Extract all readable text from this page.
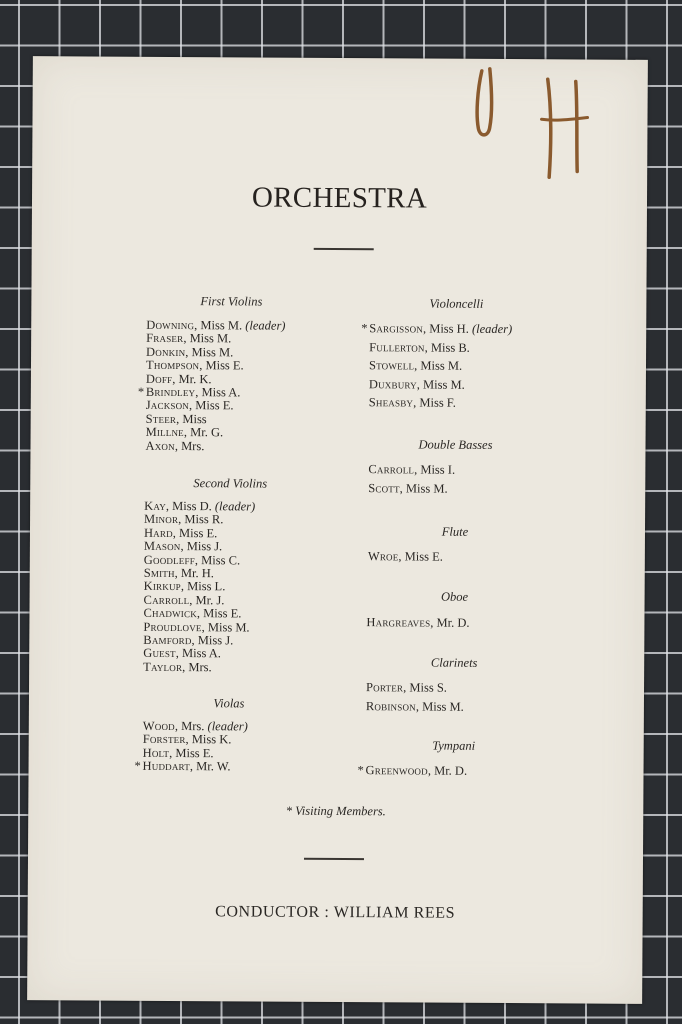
ORCHESTRA
First Violins
Downing, Miss M. (leader)
Fraser, Miss M.
Donkin, Miss M.
Thompson, Miss E.
Doff, Mr. K.
* Brindley, Miss A.
Jackson, Miss E.
Steer, Miss
Millne, Mr. G.
Axon, Mrs.
Second Violins
Kay, Miss D. (leader)
Minor, Miss R.
Hard, Miss E.
Mason, Miss J.
Goodleff, Miss C.
Smith, Mr. H.
Kirkup, Miss L.
Carroll, Mr. J.
Chadwick, Miss E.
Proudlove, Miss M.
Bamford, Miss J.
Guest, Miss A.
Taylor, Mrs.
Violas
Wood, Mrs. (leader)
Forster, Miss K.
Holt, Miss E.
* Huddart, Mr. W.
Violoncelli
* Sargisson, Miss H. (leader)
Fullerton, Miss B.
Stowell, Miss M.
Duxbury, Miss M.
Sheasby, Miss F.
Double Basses
Carroll, Miss I.
Scott, Miss M.
Flute
Wroe, Miss E.
Oboe
Hargreaves, Mr. D.
Clarinets
Porter, Miss S.
Robinson, Miss M.
Tympani
* Greenwood, Mr. D.
* Visiting Members.
CONDUCTOR : WILLIAM REES
